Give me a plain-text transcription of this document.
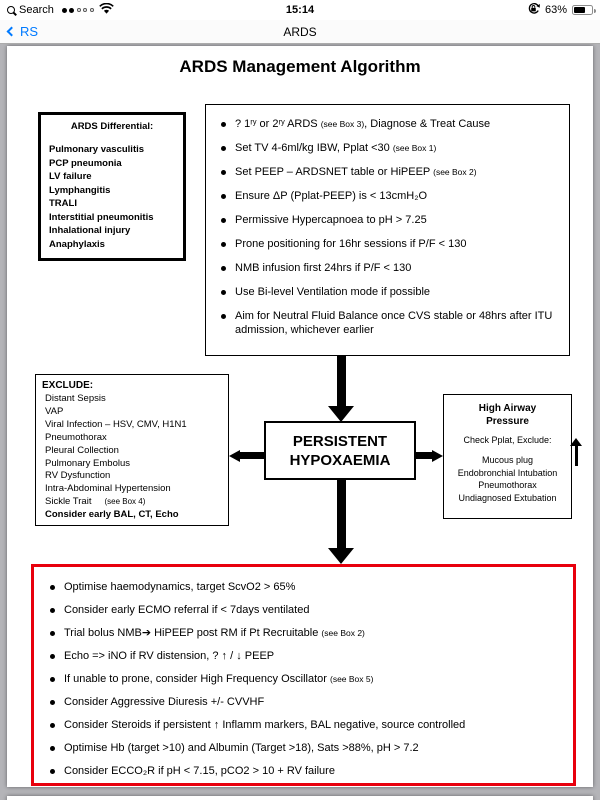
Search	15:14	63%
RS	ARDS
ARDS Management Algorithm
ARDS Differential:
Pulmonary vasculitis
PCP pneumonia
LV failure
Lymphangitis
TRALI
Interstitial pneumonitis
Inhalational injury
Anaphylaxis
? 1ʳʸ or 2ʳʸ ARDS (see Box 3), Diagnose & Treat Cause
Set TV 4-6ml/kg IBW, Pplat <30 (see Box 1)
Set PEEP – ARDSNET table or HiPEEP (see Box 2)
Ensure ΔP (Pplat-PEEP) is < 13cmH₂O
Permissive Hypercapnoea to pH > 7.25
Prone positioning for 16hr sessions if P/F < 130
NMB infusion first 24hrs if P/F < 130
Use Bi-level Ventilation mode if possible
Aim for Neutral Fluid Balance once CVS stable or 48hrs after ITU admission, whichever earlier
EXCLUDE:
Distant Sepsis
VAP
Viral Infection – HSV, CMV, H1N1
Pneumothorax
Pleural Collection
Pulmonary Embolus
RV Dysfunction
Intra-Abdominal Hypertension
Sickle Trait (see Box 4)
Consider early BAL, CT, Echo
PERSISTENT
HYPOXAEMIA
High Airway Pressure
Check Pplat, Exclude:
Mucous plug
Endobronchial Intubation
Pneumothorax
Undiagnosed Extubation
Optimise haemodynamics, target ScvO2 > 65%
Consider early ECMO referral if < 7days ventilated
Trial bolus NMB➔ HiPEEP post RM if Pt Recruitable (see Box 2)
Echo => iNO if RV distension, ? ↑ / ↓ PEEP
If unable to prone, consider High Frequency Oscillator (see Box 5)
Consider Aggressive Diuresis +/- CVVHF
Consider Steroids if persistent ↑ Inflamm markers, BAL negative, source controlled
Optimise Hb (target >10) and Albumin (Target >18), Sats >88%, pH > 7.2
Consider ECCO₂R if pH < 7.15, pCO2 > 10 + RV failure
